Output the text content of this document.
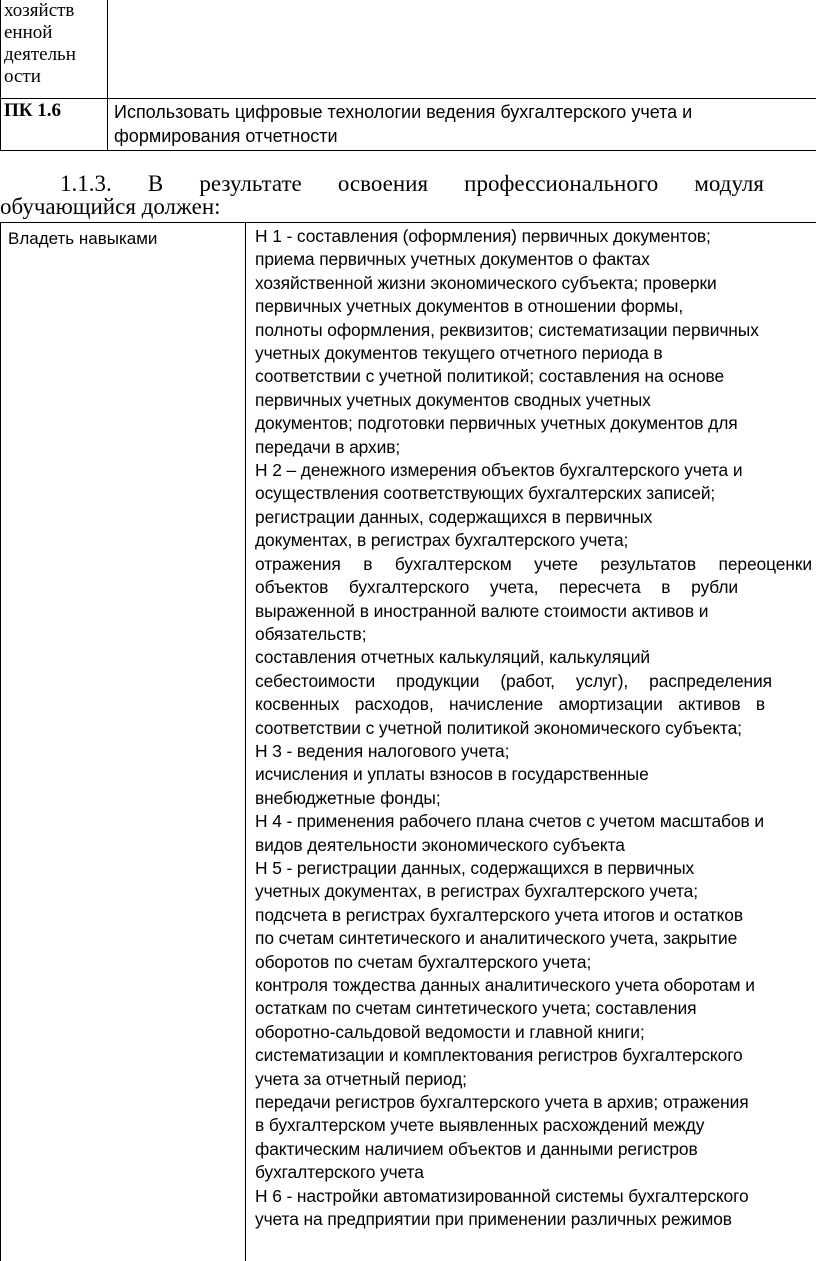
хозяйств
енной
деятельн
ости
ПК 1.6	Использовать цифровые технологии ведения бухгалтерского учета и
формирования отчетности
1.1.3. В результате освоения профессионального модуля
обучающийся должен:
Владеть навыками	Н 1 - составления (оформления) первичных документов;
приема первичных учетных документов о фактах
хозяйственной жизни экономического субъекта; проверки
первичных учетных документов в отношении формы,
полноты оформления, реквизитов; систематизации первичных
учетных документов текущего отчетного периода в
соответствии с учетной политикой; составления на основе
первичных учетных документов сводных учетных
документов; подготовки первичных учетных документов для
передачи в архив;
Н 2 – денежного измерения объектов бухгалтерского учета и
осуществления соответствующих бухгалтерских записей;
регистрации данных, содержащихся в первичных
документах, в регистрах бухгалтерского учета;
отражения в бухгалтерском учете результатов переоценки
объектов бухгалтерского учета, пересчета в рубли
выраженной в иностранной валюте стоимости активов и
обязательств;
составления отчетных калькуляций, калькуляций
себестоимости продукции (работ, услуг), распределения
косвенных расходов, начисление амортизации активов в
соответствии с учетной политикой экономического субъекта;
Н 3 - ведения налогового учета;
исчисления и уплаты взносов в государственные
внебюджетные фонды;
Н 4 - применения рабочего плана счетов с учетом масштабов и
видов деятельности экономического субъекта
Н 5 - регистрации данных, содержащихся в первичных
учетных документах, в регистрах бухгалтерского учета;
подсчета в регистрах бухгалтерского учета итогов и остатков
по счетам синтетического и аналитического учета, закрытие
оборотов по счетам бухгалтерского учета;
контроля тождества данных аналитического учета оборотам и
остаткам по счетам синтетического учета; составления
оборотно-сальдовой ведомости и главной книги;
систематизации и комплектования регистров бухгалтерского
учета за отчетный период;
передачи регистров бухгалтерского учета в архив; отражения
в бухгалтерском учете выявленных расхождений между
фактическим наличием объектов и данными регистров
бухгалтерского учета
Н 6 - настройки автоматизированной системы бухгалтерского
учета на предприятии при применении различных режимов
